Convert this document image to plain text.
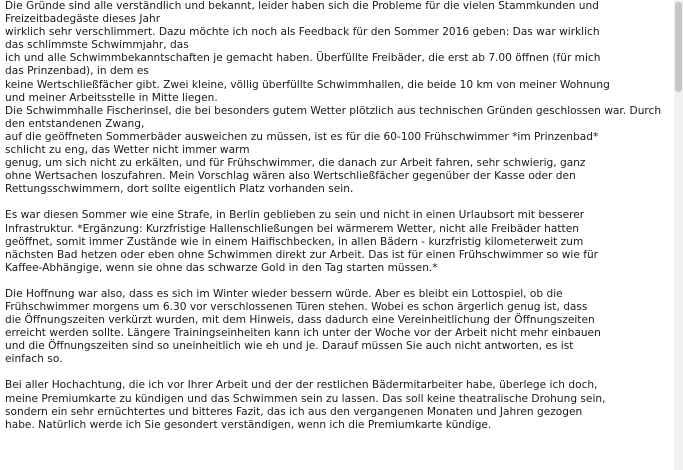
Die Gründe sind alle verständlich und bekannt, leider haben sich die Probleme für die vielen Stammkunden und
Freizeitbadegäste dieses Jahr
wirklich sehr verschlimmert. Dazu möchte ich noch als Feedback für den Sommer 2016 geben: Das war wirklich
das schlimmste Schwimmjahr, das
ich und alle Schwimmbekanntschaften je gemacht haben. Überfüllte Freibäder, die erst ab 7.00 öffnen (für mich
das Prinzenbad), in dem es
keine Wertschließfächer gibt. Zwei kleine, völlig überfüllte Schwimmhallen, die beide 10 km von meiner Wohnung
und meiner Arbeitsstelle in Mitte liegen.
Die Schwimmhalle Fischerinsel, die bei besonders gutem Wetter plötzlich aus technischen Gründen geschlossen war. Durch den entstandenen Zwang,
auf die geöffneten Sommerbäder ausweichen zu müssen, ist es für die 60-100 Frühschwimmer *im Prinzenbad*
schlicht zu eng, das Wetter nicht immer warm
genug, um sich nicht zu erkälten, und für Frühschwimmer, die danach zur Arbeit fahren, sehr schwierig, ganz
ohne Wertsachen loszufahren. Mein Vorschlag wären also Wertschließfächer gegenüber der Kasse oder den
Rettungsschwimmern, dort sollte eigentlich Platz vorhanden sein.
Es war diesen Sommer wie eine Strafe, in Berlin geblieben zu sein und nicht in einen Urlaubsort mit besserer
Infrastruktur. *Ergänzung: Kurzfristige Hallenschließungen bei wärmerem Wetter, nicht alle Freibäder hatten
geöffnet, somit immer Zustände wie in einem Haifischbecken, in allen Bädern - kurzfristig kilometerweit zum
nächsten Bad hetzen oder eben ohne Schwimmen direkt zur Arbeit. Das ist für einen Frühschwimmer so wie für
Kaffee-Abhängige, wenn sie ohne das schwarze Gold in den Tag starten müssen.*
Die Hoffnung war also, dass es sich im Winter wieder bessern würde. Aber es bleibt ein Lottospiel, ob die
Frühschwimmer morgens um 6.30 vor verschlossenen Türen stehen. Wobei es schon ärgerlich genug ist, dass
die Öffnungszeiten verkürzt wurden, mit dem Hinweis, dass dadurch eine Vereinheitlichung der Öffnungszeiten
erreicht werden sollte. Längere Trainingseinheiten kann ich unter der Woche vor der Arbeit nicht mehr einbauen
und die Öffnungszeiten sind so uneinheitlich wie eh und je. Darauf müssen Sie auch nicht antworten, es ist
einfach so.
Bei aller Hochachtung, die ich vor Ihrer Arbeit und der der restlichen Bädermitarbeiter habe, überlege ich doch,
meine Premiumkarte zu kündigen und das Schwimmen sein zu lassen. Das soll keine theatralische Drohung sein,
sondern ein sehr ernüchtertes und bitteres Fazit, das ich aus den vergangenen Monaten und Jahren gezogen
habe. Natürlich werde ich Sie gesondert verständigen, wenn ich die Premiumkarte kündige.
